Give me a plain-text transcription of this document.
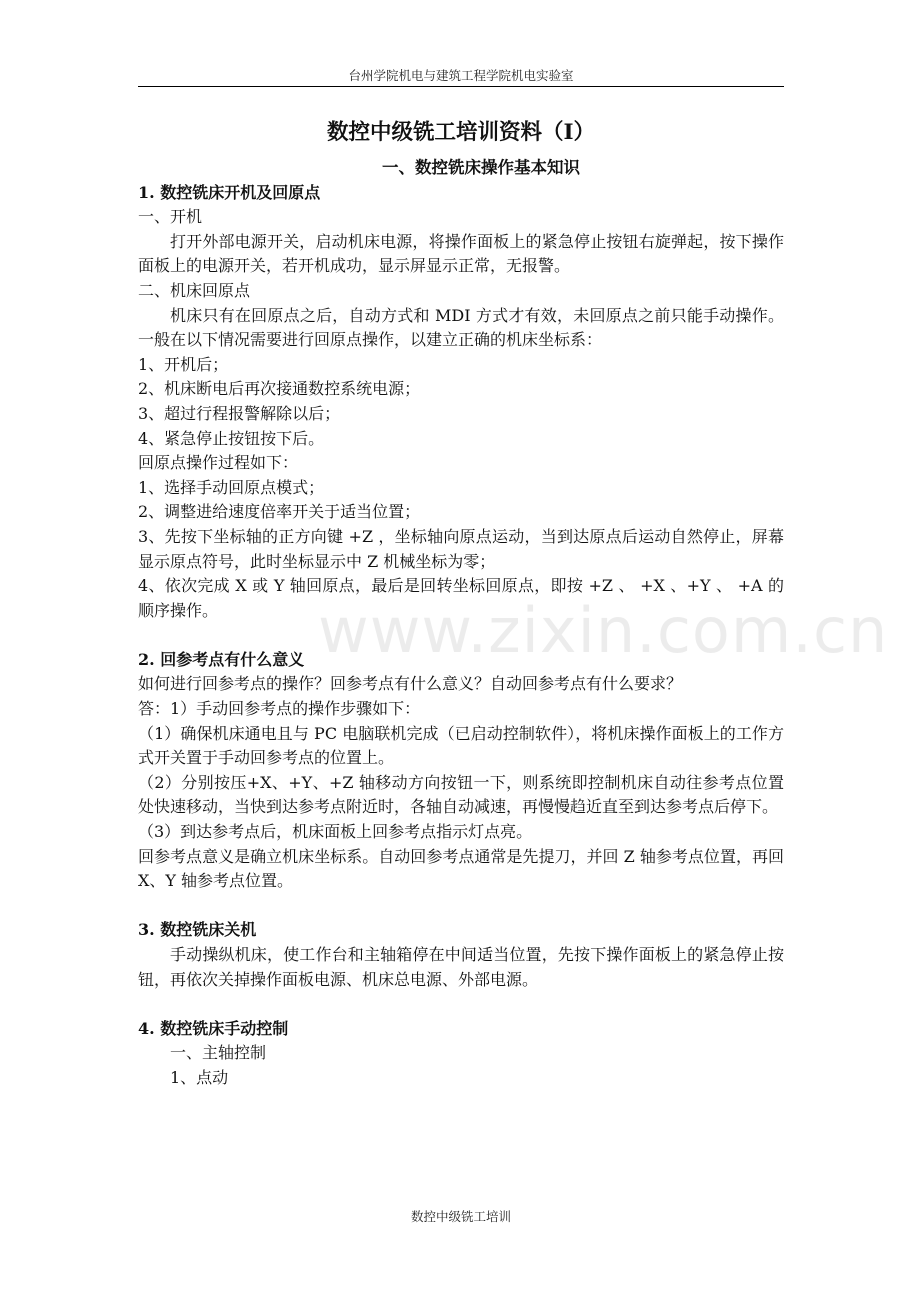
台州学院机电与建筑工程学院机电实验室
数控中级铣工培训资料（Ⅰ）
一、数控铣床操作基本知识
1. 数控铣床开机及回原点
一、开机
打开外部电源开关，启动机床电源，将操作面板上的紧急停止按钮右旋弹起，按下操作面板上的电源开关，若开机成功，显示屏显示正常，无报警。
二、机床回原点
机床只有在回原点之后，自动方式和 MDI 方式才有效，未回原点之前只能手动操作。一般在以下情况需要进行回原点操作，以建立正确的机床坐标系：
1、开机后；
2、机床断电后再次接通数控系统电源；
3、超过行程报警解除以后；
4、紧急停止按钮按下后。
回原点操作过程如下：
1、选择手动回原点模式；
2、调整进给速度倍率开关于适当位置；
3、先按下坐标轴的正方向键 +Z ，坐标轴向原点运动，当到达原点后运动自然停止，屏幕显示原点符号，此时坐标显示中 Z 机械坐标为零；
4、依次完成 X 或 Y 轴回原点，最后是回转坐标回原点，即按 +Z 、 +X 、+Y 、 +A 的顺序操作。
2. 回参考点有什么意义
如何进行回参考点的操作？回参考点有什么意义？自动回参考点有什么要求？
答：1）手动回参考点的操作步骤如下：
（1）确保机床通电且与 PC 电脑联机完成（已启动控制软件），将机床操作面板上的工作方式开关置于手动回参考点的位置上。
（2）分别按压+X、+Y、+Z 轴移动方向按钮一下，则系统即控制机床自动往参考点位置处快速移动，当快到达参考点附近时，各轴自动减速，再慢慢趋近直至到达参考点后停下。
（3）到达参考点后，机床面板上回参考点指示灯点亮。
回参考点意义是确立机床坐标系。自动回参考点通常是先提刀，并回 Z 轴参考点位置，再回 X、Y 轴参考点位置。
3. 数控铣床关机
手动操纵机床，使工作台和主轴箱停在中间适当位置，先按下操作面板上的紧急停止按钮，再依次关掉操作面板电源、机床总电源、外部电源。
4. 数控铣床手动控制
一、主轴控制
1、点动
www.zixin.com.cn
数控中级铣工培训
